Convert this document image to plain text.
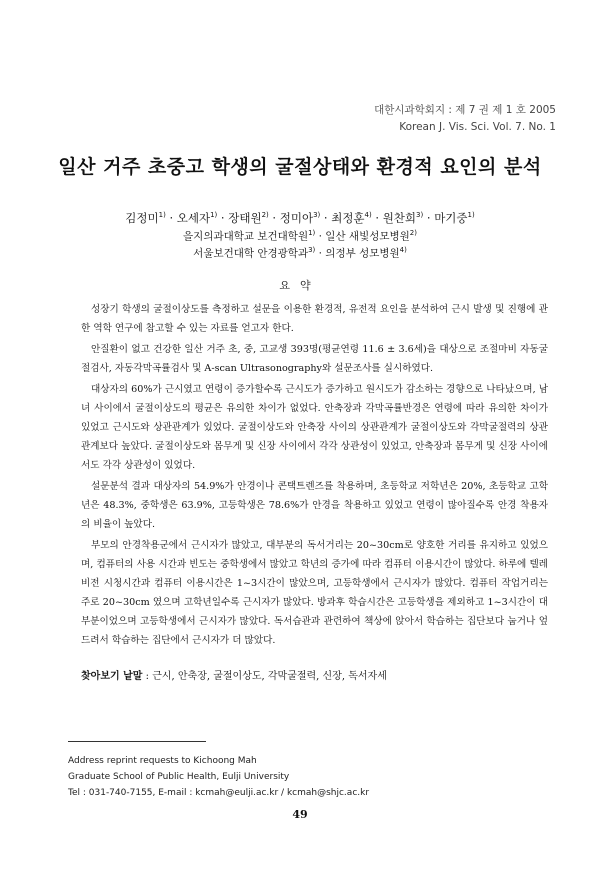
대한시과학회지 : 제 7 권 제 1 호 2005
Korean J. Vis. Sci. Vol. 7. No. 1
일산 거주 초중고 학생의 굴절상태와 환경적 요인의 분석
김정미$^{1)}$ · 오세자$^{1)}$ · 장태원$^{2)}$ · 정미아$^{3)}$ · 최정훈$^{4)}$ · 원찬희$^{3)}$ · 마기중$^{1)}$
을지의과대학교 보건대학원$^{1)}$ · 일산 새빛성모병원$^{2)}$
서울보건대학 안경광학과$^{3)}$ · 의정부 성모병원$^{4)}$
요약

성장기 학생의 굴절이상도를 측정하고 설문을 이용한 환경적, 유전적 요인을 분석하여 근시 발생 및 진행에 관한 역학 연구에 참고할 수 있는 자료를 얻고자 한다.

안질환이 없고 건강한 일산 거주 초, 중, 고교생 393명(평균연령 11.6 ± 3.6세)을 대상으로 조절마비 자동굴절검사, 자동각막곡률검사 및 A-scan Ultrasonography와 설문조사를 실시하였다.

대상자의 60%가 근시였고 연령이 증가할수록 근시도가 증가하고 원시도가 감소하는 경향으로 나타났으며, 남녀 사이에서 굴절이상도의 평균은 유의한 차이가 없었다. 안축장과 각막곡률반경은 연령에 따라 유의한 차이가 있었고 근시도와 상관관계가 있었다. 굴절이상도와 안축장 사이의 상관관계가 굴절이상도와 각막굴절력의 상관관계보다 높았다. 굴절이상도와 몸무게 및 신장 사이에서 각각 상관성이 있었고, 안축장과 몸무게 및 신장 사이에서도 각각 상관성이 있었다.

설문분석 결과 대상자의 54.9%가 안경이나 콘택트렌즈를 착용하며, 초등학교 저학년은 20%, 초등학교 고학년은 48.3%, 중학생은 63.9%, 고등학생은 78.6%가 안경을 착용하고 있었고 연령이 많아질수록 안경 착용자의 비율이 높았다.

부모의 안경착용군에서 근시자가 많았고, 대부분의 독서거리는 20~30cm로 양호한 거리를 유지하고 있었으며, 컴퓨터의 사용 시간과 빈도는 중학생에서 많았고 학년의 증가에 따라 컴퓨터 이용시간이 많았다. 하루에 텔레비전 시청시간과 컴퓨터 이용시간은 1~3시간이 많았으며, 고등학생에서 근시자가 많았다. 컴퓨터 작업거리는 주로 20~30cm 였으며 고학년일수록 근시자가 많았다. 방과후 학습시간은 고등학생을 제외하고 1~3시간이 대부분이었으며 고등학생에서 근시자가 많았다. 독서습관과 관련하여 책상에 앉아서 학습하는 집단보다 눕거나 엎드려서 학습하는 집단에서 근시자가 더 많았다.

찾아보기 낱말 : 근시, 안축장, 굴절이상도, 각막굴절력, 신장, 독서자세
Address reprint requests to Kichoong Mah
Graduate School of Public Health, Eulji University
Tel : 031-740-7155, E-mail : kcmah@eulji.ac.kr / kcmah@shjc.ac.kr
49
